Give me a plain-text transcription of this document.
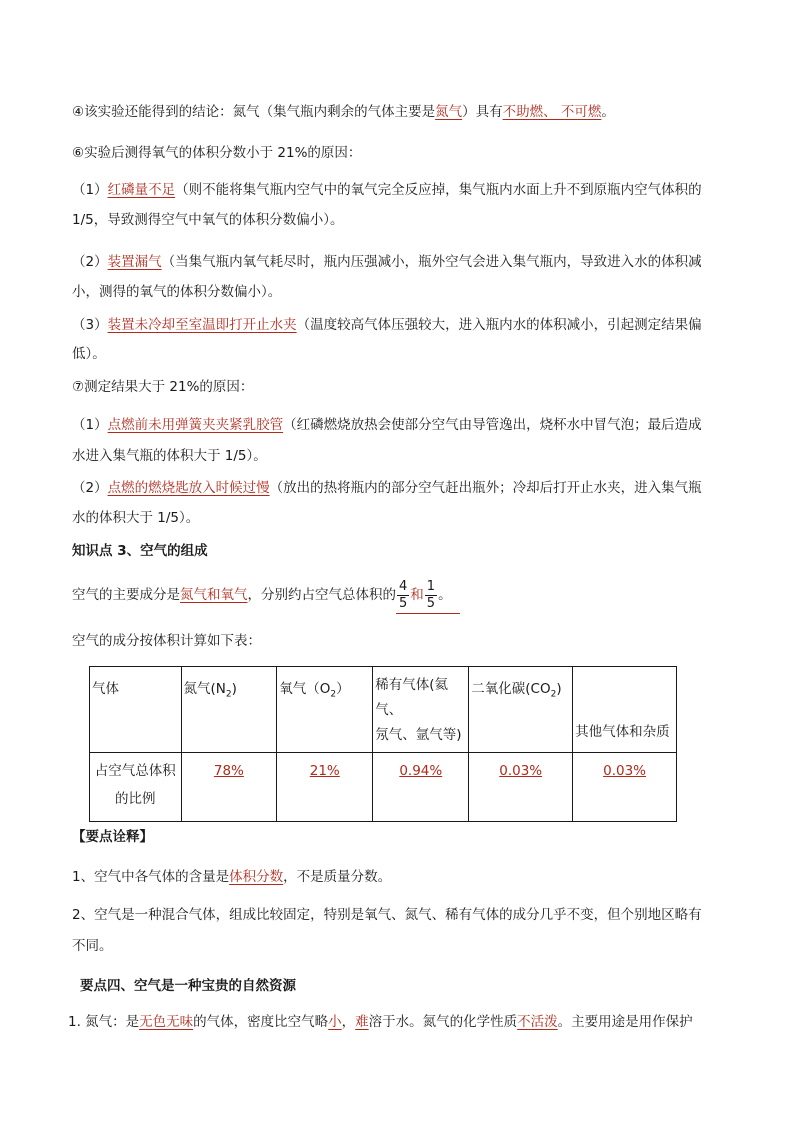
④该实验还能得到的结论：氮气（集气瓶内剩余的气体主要是氮气）具有不助燃、 不可燃。
⑥实验后测得氧气的体积分数小于 21%的原因：
（1）红磷量不足（则不能将集气瓶内空气中的氧气完全反应掉，集气瓶内水面上升不到原瓶内空气体积的
1/5，导致测得空气中氧气的体积分数偏小）。
（2）装置漏气（当集气瓶内氧气耗尽时，瓶内压强减小，瓶外空气会进入集气瓶内，导致进入水的体积减
小，测得的氧气的体积分数偏小）。
（3）装置未冷却至室温即打开止水夹（温度较高气体压强较大，进入瓶内水的体积减小，引起测定结果偏
低）。
⑦测定结果大于 21%的原因：
（1）点燃前未用弹簧夹夹紧乳胶管（红磷燃烧放热会使部分空气由导管逸出，烧杯水中冒气泡；最后造成
水进入集气瓶的体积大于 1/5）。
（2）点燃的燃烧匙放入时候过慢（放出的热将瓶内的部分空气赶出瓶外；冷却后打开止水夹，进入集气瓶
水的体积大于 1/5）。
知识点 3、空气的组成
空气的主要成分是氮气和氧气，分别约占空气总体积的 $\frac{4}{5}$ 和 $\frac{1}{5}$ 。
空气的成分按体积计算如下表：
气体	氮气$(N_2)$	氧气$(O_2)$	稀有气体(氦气、
氖气、氩气等)	二氧化碳$(CO_2)$	其他气体和杂质
占空气总体积
的比例	78%	21%	0.94%	0.03%	0.03%
【要点诠释】
1、空气中各气体的含量是体积分数，不是质量分数。
2、空气是一种混合气体，组成比较固定，特别是氧气、氮气、稀有气体的成分几乎不变，但个别地区略有
不同。
要点四、空气是一种宝贵的自然资源
1. 氮气：是无色无味的气体，密度比空气略小，难溶于水。氮气的化学性质不活泼。主要用途是用作保护
